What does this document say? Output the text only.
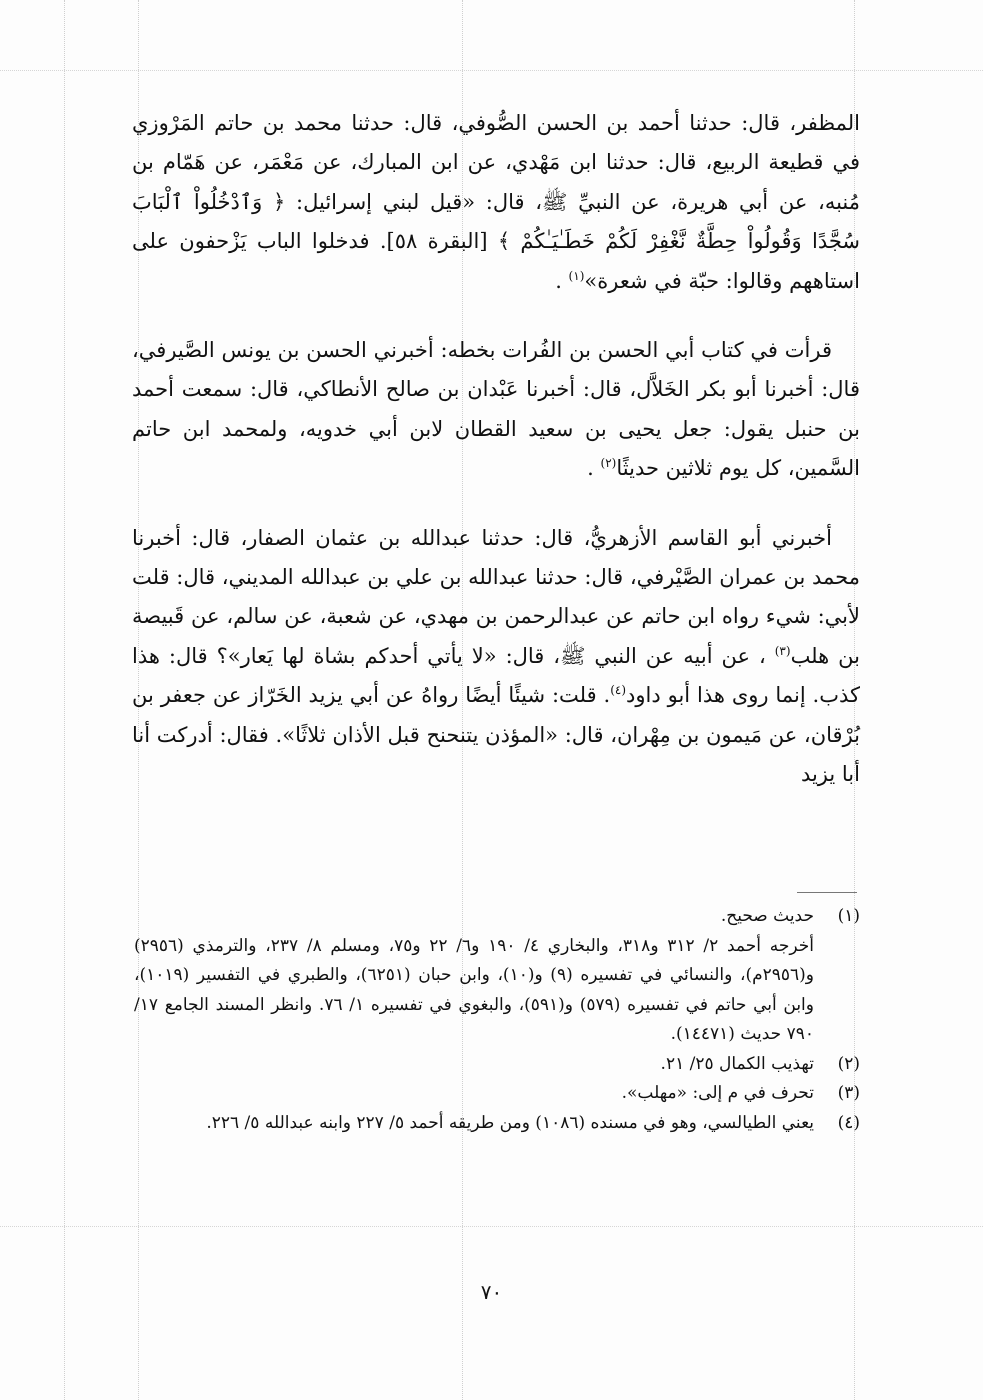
المظفر، قال: حدثنا أحمد بن الحسن الصُّوفي، قال: حدثنا محمد بن حاتم المَرْوزي في قطيعة الربيع، قال: حدثنا ابن مَهْدي، عن ابن المبارك، عن مَعْمَر، عن هَمّام بن مُنبه، عن أبي هريرة، عن النبيِّ ﷺ، قال: «قيل لبني إسرائيل: ﴿ وَٱدْخُلُواْ ٱلْبَابَ سُجَّدًا وَقُولُواْ حِطَّةٌ نَّغْفِرْ لَكُمْ خَطَـٰيَـٰكُمْ ﴾ [البقرة ٥٨]. فدخلوا الباب يَزْحفون على استاههم وقالوا: حبّة في شعرة»$^{(١)}$ .

قرأت في كتاب أبي الحسن بن الفُرات بخطه: أخبرني الحسن بن يونس الصَّيرفي، قال: أخبرنا أبو بكر الخَلاَّل، قال: أخبرنا عَبْدان بن صالح الأنطاكي، قال: سمعت أحمد بن حنبل يقول: جعل يحيى بن سعيد القطان لابن أبي خدويه، ولمحمد ابن حاتم السَّمين، كل يوم ثلاثين حديثًا$^{(٢)}$ .

أخبرني أبو القاسم الأزهريُّ، قال: حدثنا عبدالله بن عثمان الصفار، قال: أخبرنا محمد بن عمران الصَّيْرفي، قال: حدثنا عبدالله بن علي بن عبدالله المديني، قال: قلت لأبي: شيء رواه ابن حاتم عن عبدالرحمن بن مهدي، عن شعبة، عن سالم، عن قَبيصة بن هلب$^{(٣)}$ ، عن أبيه عن النبي ﷺ، قال: «لا يأتي أحدكم بشاة لها يَعار»؟ قال: هذا كذب. إنما روى هذا أبو داود$^{(٤)}$. قلت: شيئًا أيضًا رواهُ عن أبي يزيد الخَرّاز عن جعفر بن بُرْقان، عن مَيمون بن مِهْران، قال: «المؤذن يتنحنح قبل الأذان ثلاثًا». فقال: أدركت أنا أبا يزيد

(١)
حديث صحيح.
أخرجه أحمد ٢/ ٣١٢ و٣١٨، والبخاري ٤/ ١٩٠ و٦/ ٢٢ و٧٥، ومسلم ٨/ ٢٣٧، والترمذي (٢٩٥٦) و(٢٩٥٦م)، والنسائي في تفسيره (٩) و(١٠)، وابن حبان (٦٢٥١)، والطبري في التفسير (١٠١٩)، وابن أبي حاتم في تفسيره (٥٧٩) و(٥٩١)، والبغوي في تفسيره ١/ ٧٦. وانظر المسند الجامع ١٧/ ٧٩٠ حديث (١٤٤٧١).
(٢)
تهذيب الكمال ٢٥/ ٢١.
(٣)
تحرف في م إلى: «مهلب».
(٤)
يعني الطيالسي، وهو في مسنده (١٠٨٦) ومن طريقه أحمد ٥/ ٢٢٧ وابنه عبدالله ٥/ ٢٢٦.
٧٠
